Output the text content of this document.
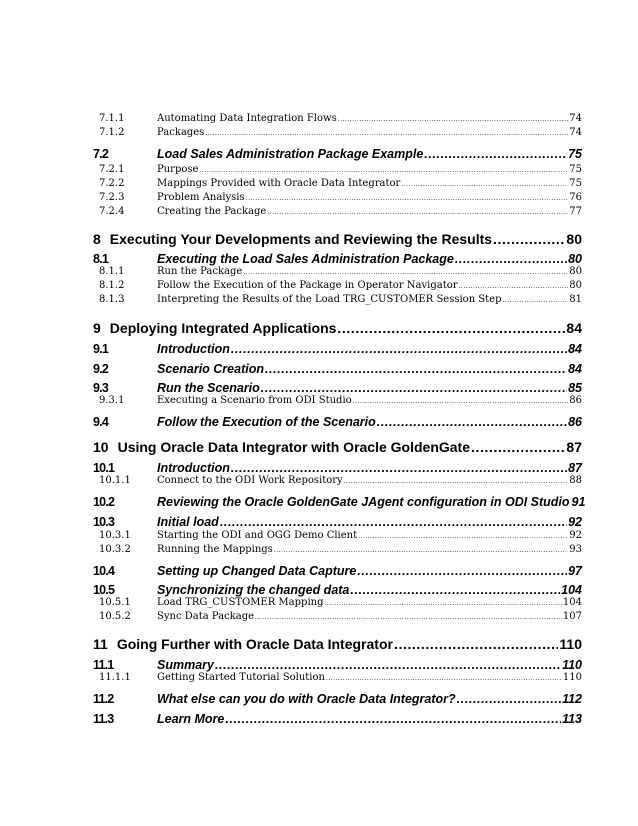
7.1.1	Automating Data Integration Flows .....	74
7.1.2	Packages .....	74
7.2	Load Sales Administration Package Example .....	75
7.2.1	Purpose .....	75
7.2.2	Mappings Provided with Oracle Data Integrator .....	75
7.2.3	Problem Analysis .....	76
7.2.4	Creating the Package .....	77
8 Executing Your Developments and Reviewing the Results .....	80
8.1	Executing the Load Sales Administration Package .....	80
8.1.1	Run the Package .....	80
8.1.2	Follow the Execution of the Package in Operator Navigator .....	80
8.1.3	Interpreting the Results of the Load TRG_CUSTOMER Session Step .....	81
9 Deploying Integrated Applications .....	84
9.1	Introduction .....	84
9.2	Scenario Creation .....	84
9.3	Run the Scenario .....	85
9.3.1	Executing a Scenario from ODI Studio .....	86
9.4	Follow the Execution of the Scenario .....	86
10 Using Oracle Data Integrator with Oracle GoldenGate .....	87
10.1	Introduction .....	87
10.1.1	Connect to the ODI Work Repository .....	88
10.2	Reviewing the Oracle GoldenGate JAgent configuration in ODI Studio 91
10.3	Initial load .....	92
10.3.1	Starting the ODI and OGG Demo Client .....	92
10.3.2	Running the Mappings .....	93
10.4	Setting up Changed Data Capture .....	97
10.5	Synchronizing the changed data .....	104
10.5.1	Load TRG_CUSTOMER Mapping .....	104
10.5.2	Sync Data Package .....	107
11 Going Further with Oracle Data Integrator .....	110
11.1	Summary .....	110
11.1.1	Getting Started Tutorial Solution .....	110
11.2	What else can you do with Oracle Data Integrator? .....	112
11.3	Learn More .....	113
